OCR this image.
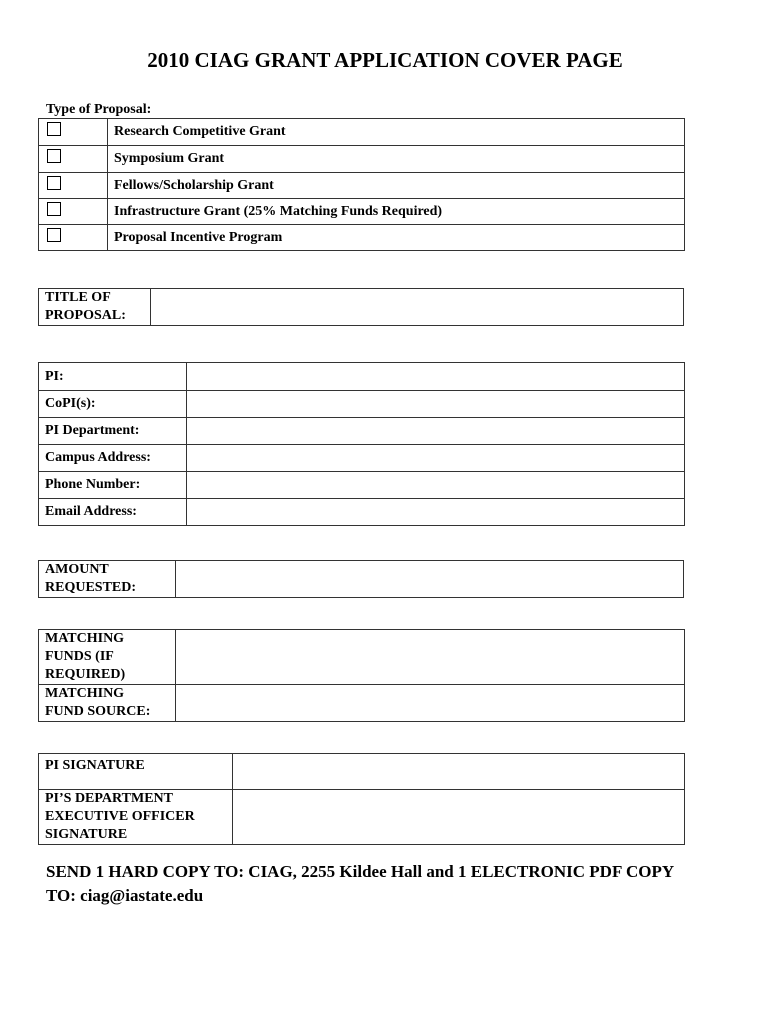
2010 CIAG GRANT APPLICATION COVER PAGE
Type of Proposal:
	Research Competitive Grant
	Symposium Grant
	Fellows/Scholarship Grant
	Infrastructure Grant (25% Matching Funds Required)
	Proposal Incentive Program
TITLE OF
PROPOSAL:

PI:	
CoPI(s):	
PI Department:	
Campus Address:	
Phone Number:	
Email Address:	
AMOUNT
REQUESTED:

MATCHING
FUNDS (IF
REQUIRED)	

MATCHING
FUND SOURCE:	

PI SIGNATURE	

PI’S DEPARTMENT
EXECUTIVE OFFICER
SIGNATURE	

SEND 1 HARD COPY TO: CIAG, 2255 Kildee Hall and 1 ELECTRONIC PDF COPY
TO: ciag@iastate.edu
